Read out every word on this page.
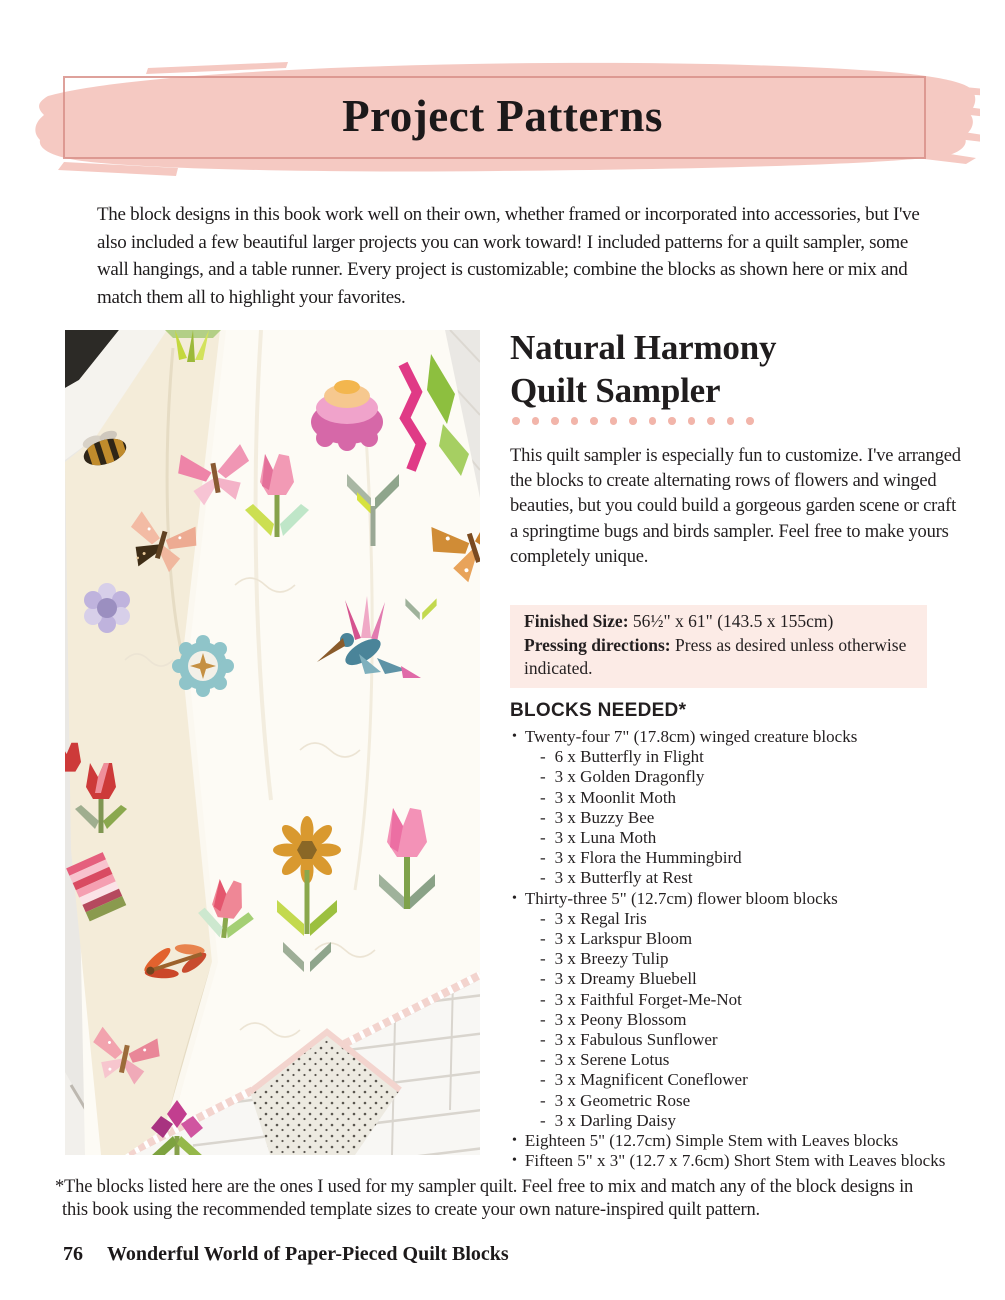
Project Patterns

The block designs in this book work well on their own, whether framed or incorporated into accessories, but I've also included a few beautiful larger projects you can work toward! I included patterns for a quilt sampler, some wall hangings, and a table runner. Every project is customizable; combine the blocks as shown here or mix and match them all to highlight your favorites.

Natural Harmony
Quilt Sampler

This quilt sampler is especially fun to customize. I've arranged the blocks to create alternating rows of flowers and winged beauties, but you could build a gorgeous garden scene or craft a springtime bugs and birds sampler. Feel free to make yours completely unique.

Finished Size: 56½" x 61" (143.5 x 155cm)

Pressing directions: Press as desired unless otherwise indicated.

BLOCKS NEEDED*
• Twenty-four 7" (17.8cm) winged creature blocks
- 6 x Butterfly in Flight
- 3 x Golden Dragonfly
- 3 x Moonlit Moth
- 3 x Buzzy Bee
- 3 x Luna Moth
- 3 x Flora the Hummingbird
- 3 x Butterfly at Rest
• Thirty-three 5" (12.7cm) flower bloom blocks
- 3 x Regal Iris
- 3 x Larkspur Bloom
- 3 x Breezy Tulip
- 3 x Dreamy Bluebell
- 3 x Faithful Forget-Me-Not
- 3 x Peony Blossom
- 3 x Fabulous Sunflower
- 3 x Serene Lotus
- 3 x Magnificent Coneflower
- 3 x Geometric Rose
- 3 x Darling Daisy
• Eighteen 5" (12.7cm) Simple Stem with Leaves blocks
• Fifteen 5" x 3" (12.7 x 7.6cm) Short Stem with Leaves blocks

*The blocks listed here are the ones I used for my sampler quilt. Feel free to mix and match any of the block designs in this book using the recommended template sizes to create your own nature-inspired quilt pattern.

76 Wonderful World of Paper-Pieced Quilt Blocks
